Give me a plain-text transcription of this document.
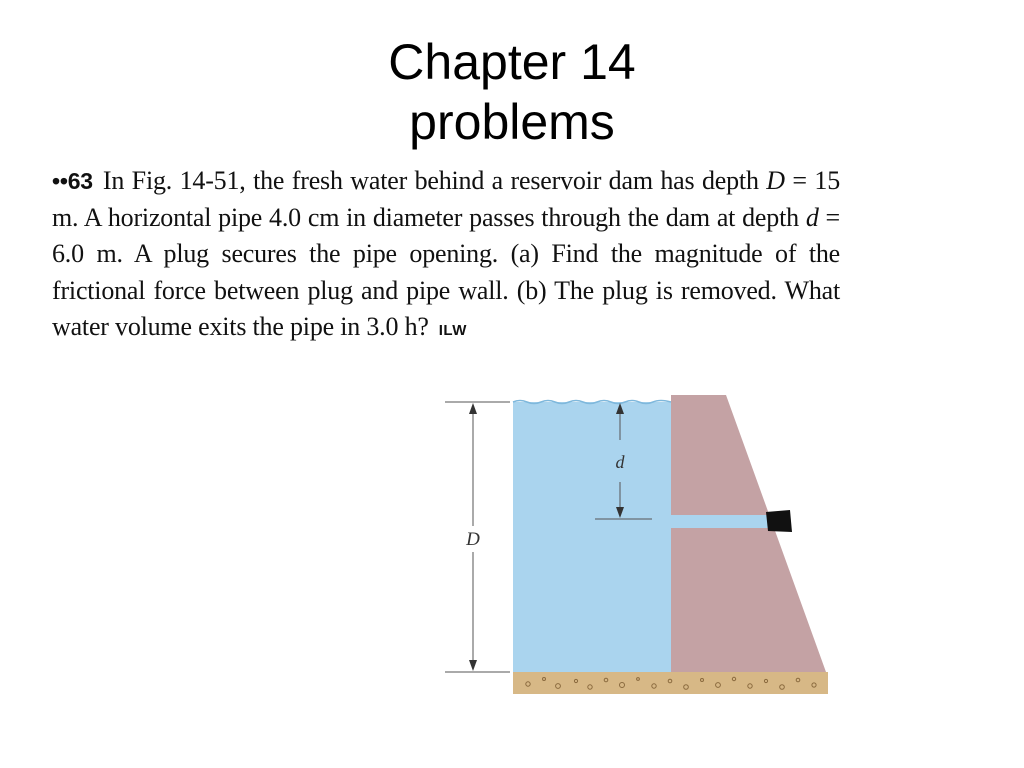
Chapter 14
problems
••63 In Fig. 14-51, the fresh water behind a reservoir dam has depth D = 15 m. A horizontal pipe 4.0 cm in diameter passes through the dam at depth d = 6.0 m. A plug secures the pipe opening. (a) Find the magnitude of the frictional force between plug and pipe wall. (b) The plug is removed. What water volume exits the pipe in 3.0 h? ILW
D
d
